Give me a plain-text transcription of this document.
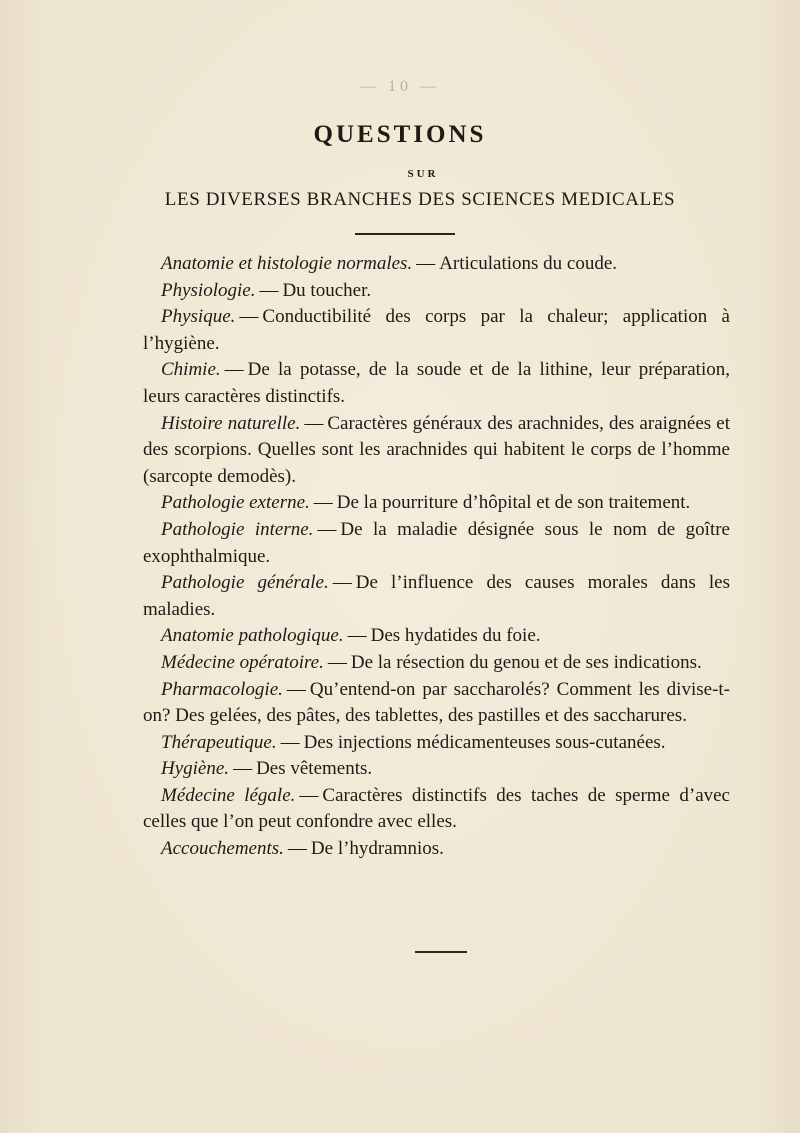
— 10 —
QUESTIONS
SUR
LES DIVERSES BRANCHES DES SCIENCES MEDICALES

Anatomie et histologie normales. — Articulations du coude.

Physiologie. — Du toucher.

Physique. — Conductibilité des corps par la chaleur; application à l’hygiène.

Chimie. — De la potasse, de la soude et de la lithine, leur préparation, leurs caractères distinctifs.

Histoire naturelle. — Caractères généraux des arachnides, des araignées et des scorpions. Quelles sont les arachnides qui habitent le corps de l’homme (sarcopte demodès).

Pathologie externe. — De la pourriture d’hôpital et de son traitement.

Pathologie interne. — De la maladie désignée sous le nom de goître exophthalmique.

Pathologie générale. — De l’influence des causes morales dans les maladies.

Anatomie pathologique. — Des hydatides du foie.

Médecine opératoire. — De la résection du genou et de ses indications.

Pharmacologie. — Qu’entend-on par saccharolés? Comment les divise-t-on? Des gelées, des pâtes, des tablettes, des pastilles et des saccharures.

Thérapeutique. — Des injections médicamenteuses sous-cutanées.

Hygiène. — Des vêtements.

Médecine légale. — Caractères distinctifs des taches de sperme d’avec celles que l’on peut confondre avec elles.

Accouchements. — De l’hydramnios.
